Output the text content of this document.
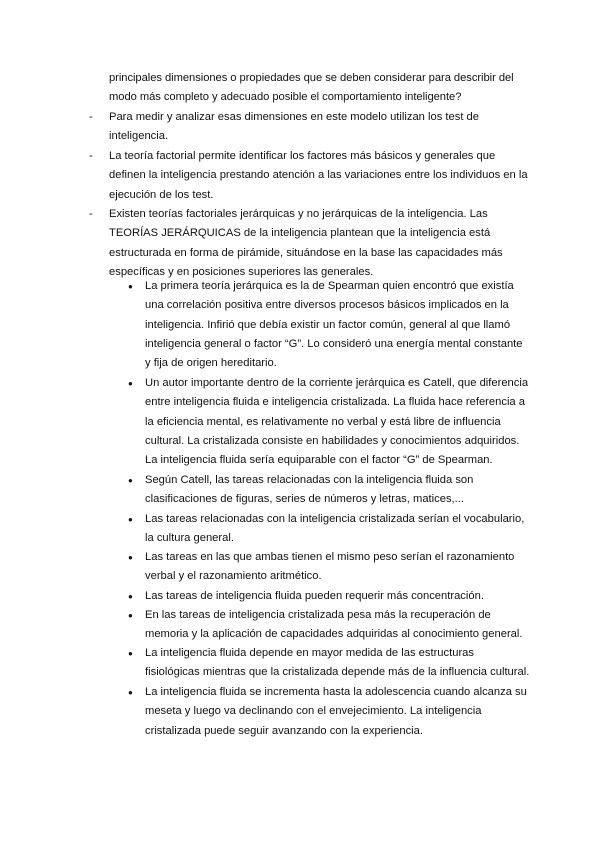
principales dimensiones o propiedades que se deben considerar para describir del modo más completo y adecuado posible el comportamiento inteligente?
- Para medir y analizar esas dimensiones en este modelo utilizan los test de inteligencia.
- La teoría factorial permite identificar los factores más básicos y generales que definen la inteligencia prestando atención a las variaciones entre los individuos en la ejecución de los test.
- Existen teorías factoriales jerárquicas y no jerárquicas de la inteligencia. Las TEORÍAS JERÁRQUICAS de la inteligencia plantean que la inteligencia está estructurada en forma de pirámide, situándose en la base las capacidades más específicas y en posiciones superiores las generales.
● La primera teoría jerárquica es la de Spearman quien encontró que existía una correlación positiva entre diversos procesos básicos implicados en la inteligencia. Infirió que debía existir un factor común, general al que llamó inteligencia general o factor “G”. Lo consideró una energía mental constante y fija de origen hereditario.
● Un autor importante dentro de la corriente jerárquica es Catell, que diferencia entre inteligencia fluida e inteligencia cristalizada. La fluida hace referencia a la eficiencia mental, es relativamente no verbal y está libre de influencia cultural. La cristalizada consiste en habilidades y conocimientos adquiridos. La inteligencia fluida sería equiparable con el factor “G” de Spearman.
● Según Catell, las tareas relacionadas con la inteligencia fluida son clasificaciones de figuras, series de números y letras, matices,...
● Las tareas relacionadas con la inteligencia cristalizada serían el vocabulario, la cultura general.
● Las tareas en las que ambas tienen el mismo peso serían el razonamiento verbal y el razonamiento aritmético.
● Las tareas de inteligencia fluida pueden requerir más concentración.
● En las tareas de inteligencia cristalizada pesa más la recuperación de memoria y la aplicación de capacidades adquiridas al conocimiento general.
● La inteligencia fluida depende en mayor medida de las estructuras fisiológicas mientras que la cristalizada depende más de la influencia cultural.
● La inteligencia fluida se incrementa hasta la adolescencia cuando alcanza su meseta y luego va declinando con el envejecimiento. La inteligencia cristalizada puede seguir avanzando con la experiencia.
